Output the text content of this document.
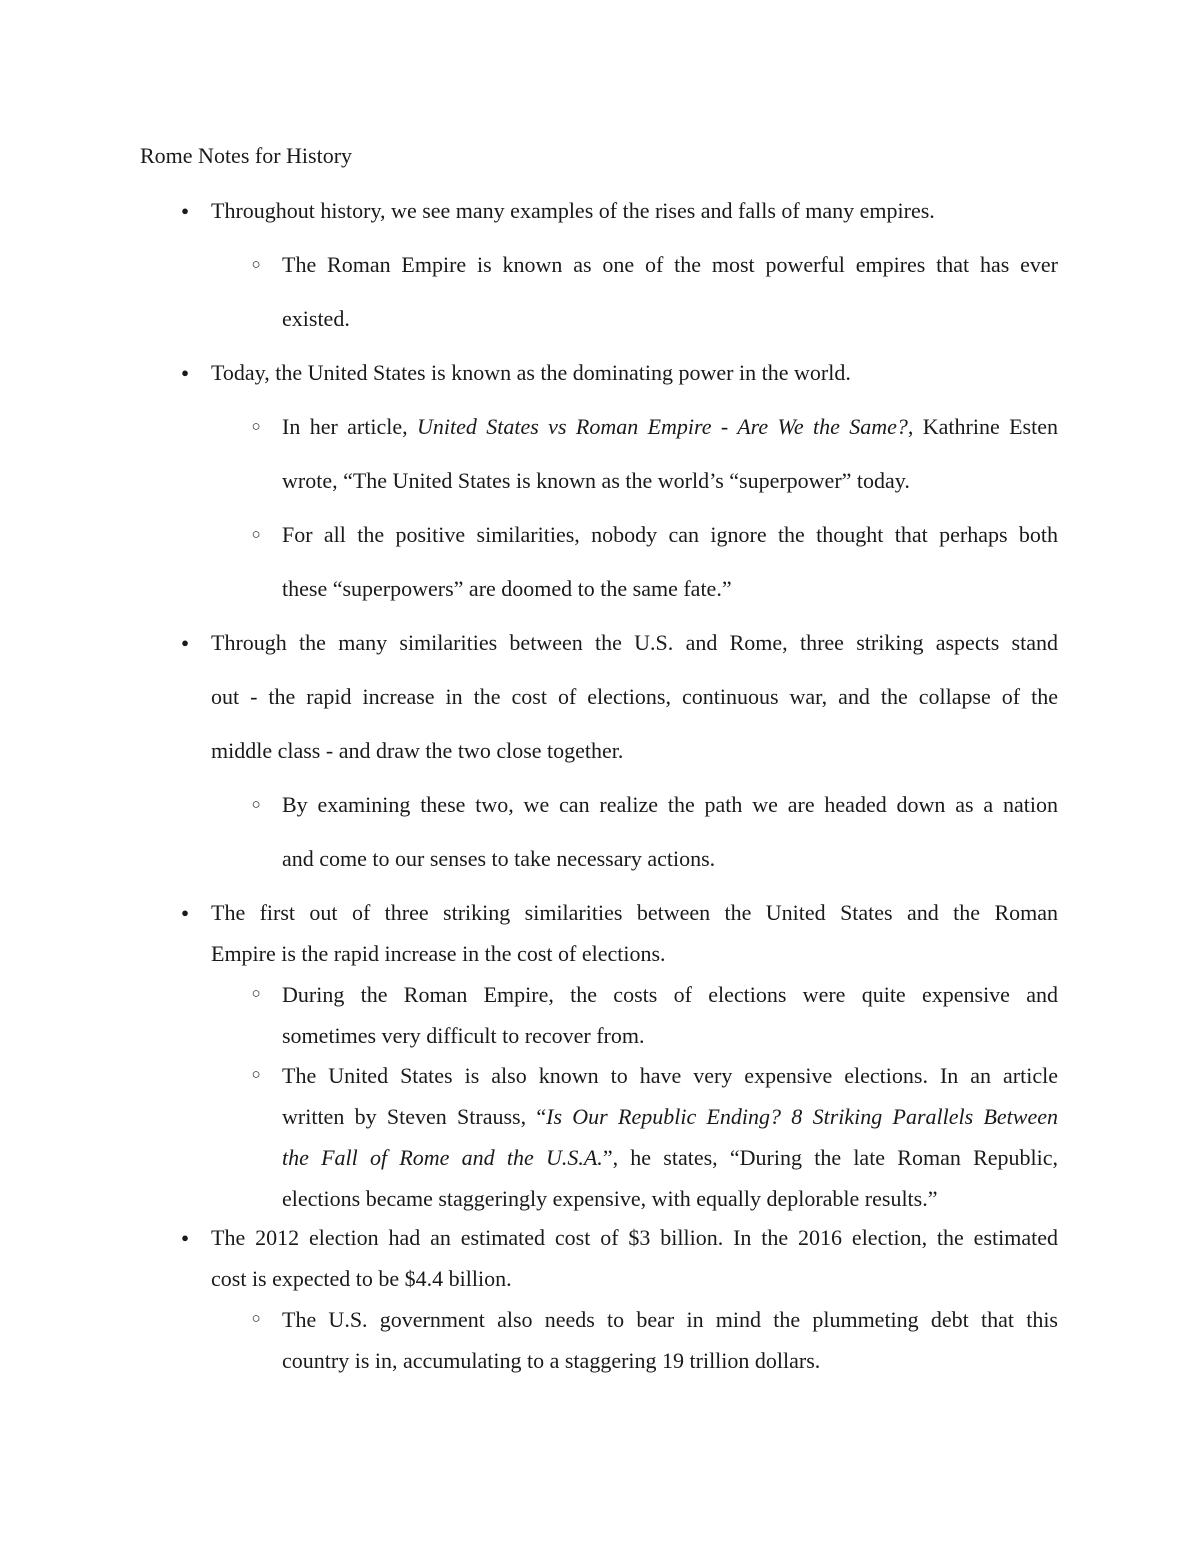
Rome Notes for History

● Throughout history, we see many examples of the rises and falls of many empires.
○ The Roman Empire is known as one of the most powerful empires that has ever
existed.
● Today, the United States is known as the dominating power in the world.
○ In her article, United States vs Roman Empire - Are We the Same?, Kathrine Esten
wrote, “The United States is known as the world’s “superpower” today.
○ For all the positive similarities, nobody can ignore the thought that perhaps both
these “superpowers” are doomed to the same fate.”
● Through the many similarities between the U.S. and Rome, three striking aspects stand
out - the rapid increase in the cost of elections, continuous war, and the collapse of the
middle class - and draw the two close together.
○ By examining these two, we can realize the path we are headed down as a nation
and come to our senses to take necessary actions.
● The first out of three striking similarities between the United States and the Roman
Empire is the rapid increase in the cost of elections.
○ During the Roman Empire, the costs of elections were quite expensive and
sometimes very difficult to recover from.
○ The United States is also known to have very expensive elections. In an article
written by Steven Strauss, “Is Our Republic Ending? 8 Striking Parallels Between
the Fall of Rome and the U.S.A.”, he states, “During the late Roman Republic,
elections became staggeringly expensive, with equally deplorable results.”
● The 2012 election had an estimated cost of $3 billion. In the 2016 election, the estimated
cost is expected to be $4.4 billion.
○ The U.S. government also needs to bear in mind the plummeting debt that this
country is in, accumulating to a staggering 19 trillion dollars.
